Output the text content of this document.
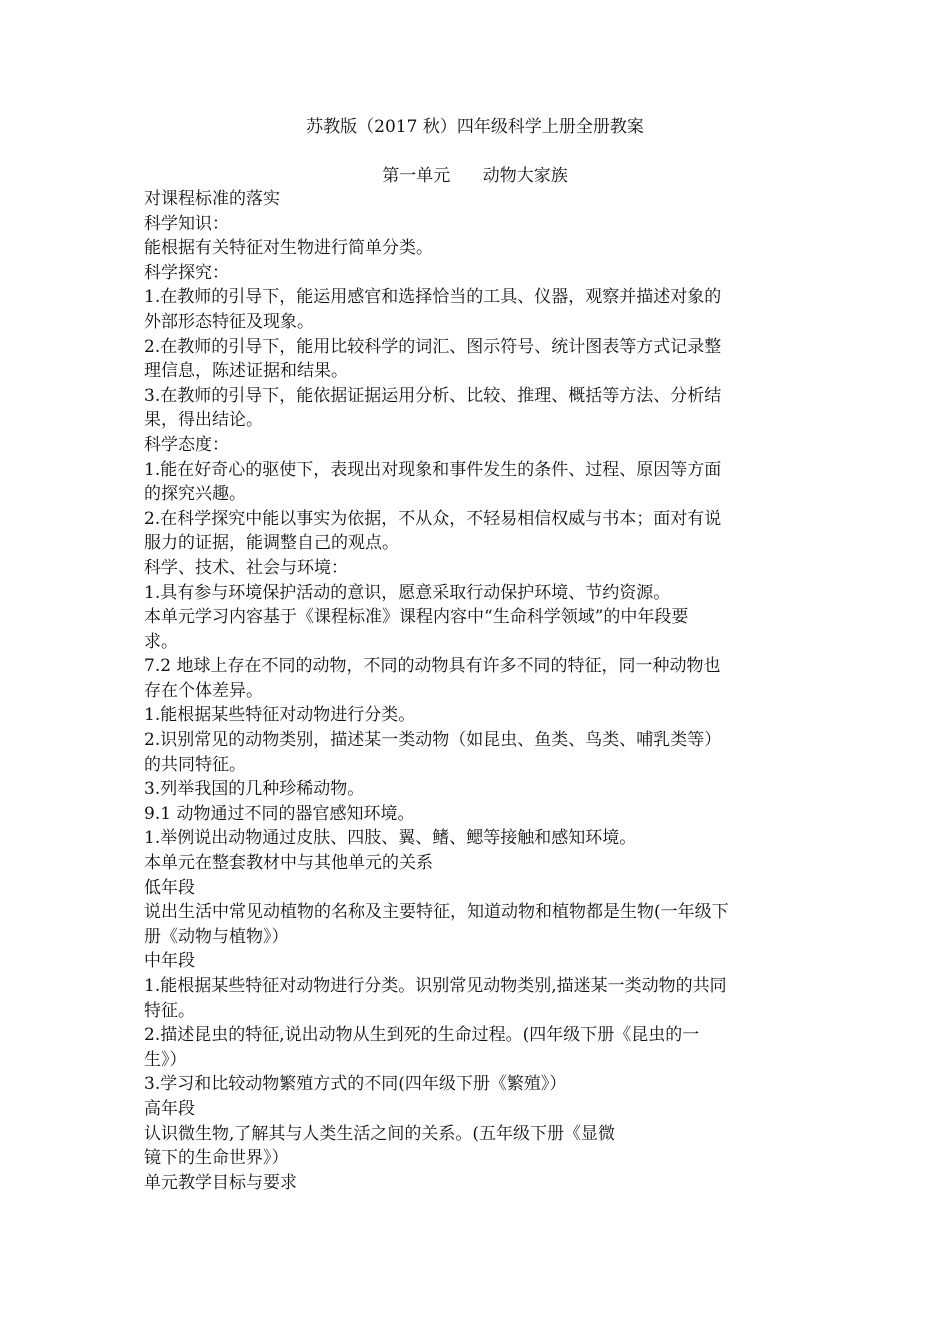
苏教版（2017 秋）四年级科学上册全册教案
第一单元      动物大家族

对课程标准的落实

科学知识：

能根据有关特征对生物进行简单分类。

科学探究：

1.在教师的引导下，能运用感官和选择恰当的工具、仪器，观察并描述对象的

外部形态特征及现象。

2.在教师的引导下，能用比较科学的词汇、图示符号、统计图表等方式记录整

理信息，陈述证据和结果。

3.在教师的引导下，能依据证据运用分析、比较、推理、概括等方法、分析结

果，得出结论。

科学态度：

1.能在好奇心的驱使下，表现出对现象和事件发生的条件、过程、原因等方面

的探究兴趣。

2.在科学探究中能以事实为依据，不从众，不轻易相信权威与书本；面对有说

服力的证据，能调整自己的观点。

科学、技术、社会与环境：

1.具有参与环境保护活动的意识，愿意采取行动保护环境、节约资源。

本单元学习内容基于《课程标准》课程内容中“生命科学领域”的中年段要

求。

7.2 地球上存在不同的动物，不同的动物具有许多不同的特征，同一种动物也

存在个体差异。

1.能根据某些特征对动物进行分类。

2.识别常见的动物类别，描述某一类动物（如昆虫、鱼类、鸟类、哺乳类等）

的共同特征。

3.列举我国的几种珍稀动物。

9.1 动物通过不同的器官感知环境。

1.举例说出动物通过皮肤、四肢、翼、鳍、鳃等接触和感知环境。

本单元在整套教材中与其他单元的关系

低年段

说出生活中常见动植物的名称及主要特征，知道动物和植物都是生物(一年级下

册《动物与植物》）

中年段

1.能根据某些特征对动物进行分类。识别常见动物类别,描迷某一类动物的共同

特征。

2.描述昆虫的特征,说出动物从生到死的生命过程。(四年级下册《昆虫的一

生》）

3.学习和比较动物繁殖方式的不同(四年级下册《繁殖》）

高年段

认识微生物,了解其与人类生活之间的关系。(五年级下册《显微

镜下的生命世界》）

单元教学目标与要求
